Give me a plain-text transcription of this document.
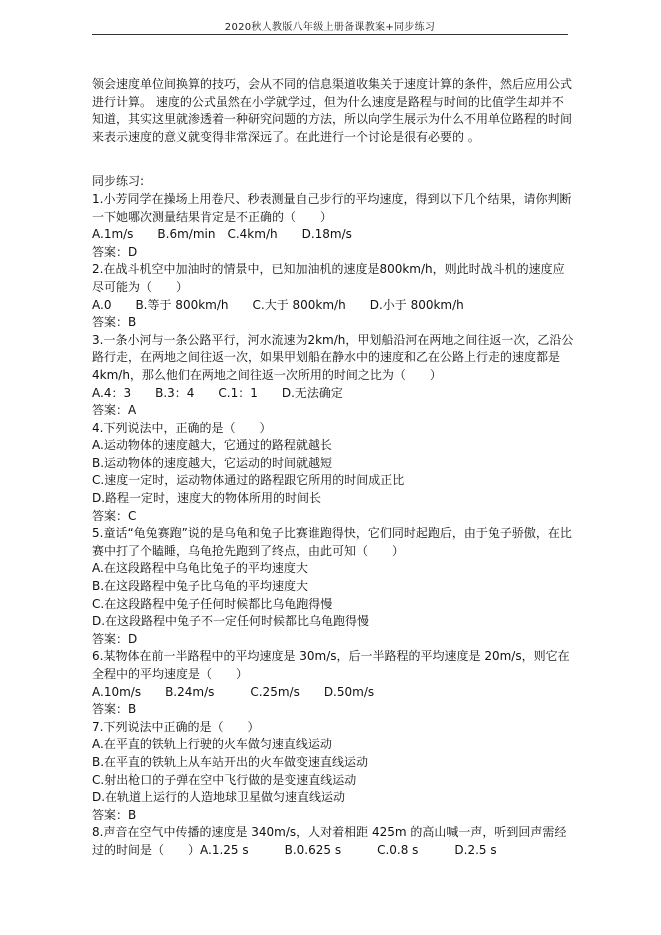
2020秋人教版八年级上册备课教案+同步练习

领会速度单位间换算的技巧，会从不同的信息渠道收集关于速度计算的条件，然后应用公式进行计算。 速度的公式虽然在小学就学过，但为什么速度是路程与时间的比值学生却并不知道，其实这里就渗透着一种研究问题的方法，所以向学生展示为什么不用单位路程的时间来表示速度的意义就变得非常深远了。在此进行一个讨论是很有必要的 。

同步练习:

1.小芳同学在操场上用卷尺、秒表测量自己步行的平均速度，得到以下几个结果，请你判断一下她哪次测量结果肯定是不正确的（　　）

A.1m/s　　B.6m/min　C.4km/h　　D.18m/s

答案：D

2.在战斗机空中加油时的情景中，已知加油机的速度是800km/h，则此时战斗机的速度应尽可能为（　　）

A.0　　B.等于 800km/h　　C.大于 800km/h　　D.小于 800km/h

答案：B

3.一条小河与一条公路平行，河水流速为2km/h，甲划船沿河在两地之间往返一次，乙沿公路行走，在两地之间往返一次，如果甲划船在静水中的速度和乙在公路上行走的速度都是4km/h，那么他们在两地之间往返一次所用的时间之比为（　　）

A.4：3　　B.3：4　　C.1：1　　D.无法确定

答案：A

4.下列说法中，正确的是（　　）

A.运动物体的速度越大，它通过的路程就越长

B.运动物体的速度越大，它运动的时间就越短

C.速度一定时，运动物体通过的路程跟它所用的时间成正比

D.路程一定时，速度大的物体所用的时间长

答案：C

5.童话“龟兔赛跑”说的是乌龟和兔子比赛谁跑得快，它们同时起跑后，由于兔子骄傲，在比赛中打了个瞌睡，乌龟抢先跑到了终点，由此可知（　　）

A.在这段路程中乌龟比兔子的平均速度大

B.在这段路程中兔子比乌龟的平均速度大

C.在这段路程中兔子任何时候都比乌龟跑得慢

D.在这段路程中兔子不一定任何时候都比乌龟跑得慢

答案：D

6.某物体在前一半路程中的平均速度是 30m/s，后一半路程的平均速度是 20m/s，则它在全程中的平均速度是（　　）

A.10m/s　　B.24m/s　　　C.25m/s　　D.50m/s

答案：B

7.下列说法中正确的是（　　）

A.在平直的铁轨上行驶的火车做匀速直线运动

B.在平直的铁轨上从车站开出的火车做变速直线运动

C.射出枪口的子弹在空中飞行做的是变速直线运动

D.在轨道上运行的人造地球卫星做匀速直线运动

答案：B

8.声音在空气中传播的速度是 340m/s，人对着相距 425m 的高山喊一声，听到回声需经过的时间是（　　）A.1.25 s　　　B.0.625 s　　　C.0.8 s　　　D.2.5 s
